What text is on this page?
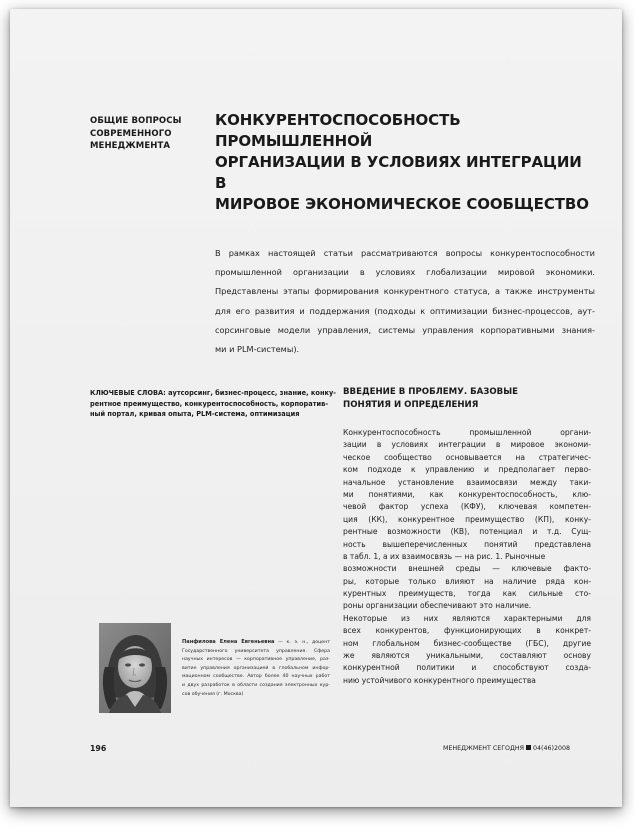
ОБЩИЕ ВОПРОСЫ
СОВРЕМЕННОГО
МЕНЕДЖМЕНТА
КОНКУРЕНТОСПОСОБНОСТЬ ПРОМЫШЛЕННОЙ
ОРГАНИЗАЦИИ В УСЛОВИЯХ ИНТЕГРАЦИИ В
МИРОВОЕ ЭКОНОМИЧЕСКОЕ СООБЩЕСТВО
В рамках настоящей статьи рассматриваются вопросы конкурентоспособности
промышленной организации в условиях глобализации мировой экономики.
Представлены этапы формирования конкурентного статуса, а также инструменты
для его развития и поддержания (подходы к оптимизации бизнес-процессов, аут-
сорсинговые модели управления, системы управления корпоративными знания-
ми и PLM-системы).
КЛЮЧЕВЫЕ СЛОВА: аутсорсинг, бизнес-процесс, знание, конку-
рентное преимущество, конкурентоспособность, корпоратив-
ный портал, кривая опыта, PLM-система, оптимизация
ВВЕДЕНИЕ В ПРОБЛЕМУ. БАЗОВЫЕ
ПОНЯТИЯ И ОПРЕДЕЛЕНИЯ
Конкурентоспособность промышленной органи-
зации в условиях интеграции в мировое экономи-
ческое сообщество основывается на стратегичес-
ком подходе к управлению и предполагает перво-
начальное установление взаимосвязи между таки-
ми понятиями, как конкурентоспособность, клю-
чевой фактор успеха (КФУ), ключевая компетен-
ция (КК), конкурентное преимущество (КП), конку-
рентные возможности (КВ), потенциал и т.д. Сущ-
ность вышеперечисленных понятий представлена
в табл. 1, а их взаимосвязь — на рис. 1. Рыночные
возможности внешней среды — ключевые факто-
ры, которые только влияют на наличие ряда кон-
курентных преимуществ, тогда как сильные сто-
роны организации обеспечивают это наличие.
Некоторые из них являются характерными для
всех конкурентов, функционирующих в конкрет-
ном глобальном бизнес-сообществе (ГБС), другие
же являются уникальными, составляют основу
конкурентной политики и способствуют созда-
нию устойчивого конкурентного преимущества
Панфилова Елена Евгеньевна — к. э. н., доцент
Государственного университета управления. Сфера
научных интересов — корпоративное управление, раз-
витие управления организацией в глобальном инфор-
мационном сообществе. Автор более 40 научных работ
и двух разработок в области создания электронных кур-
сов обучения (г. Москва)
196	МЕНЕДЖМЕНТ СЕГОДНЯ 04(46)2008
